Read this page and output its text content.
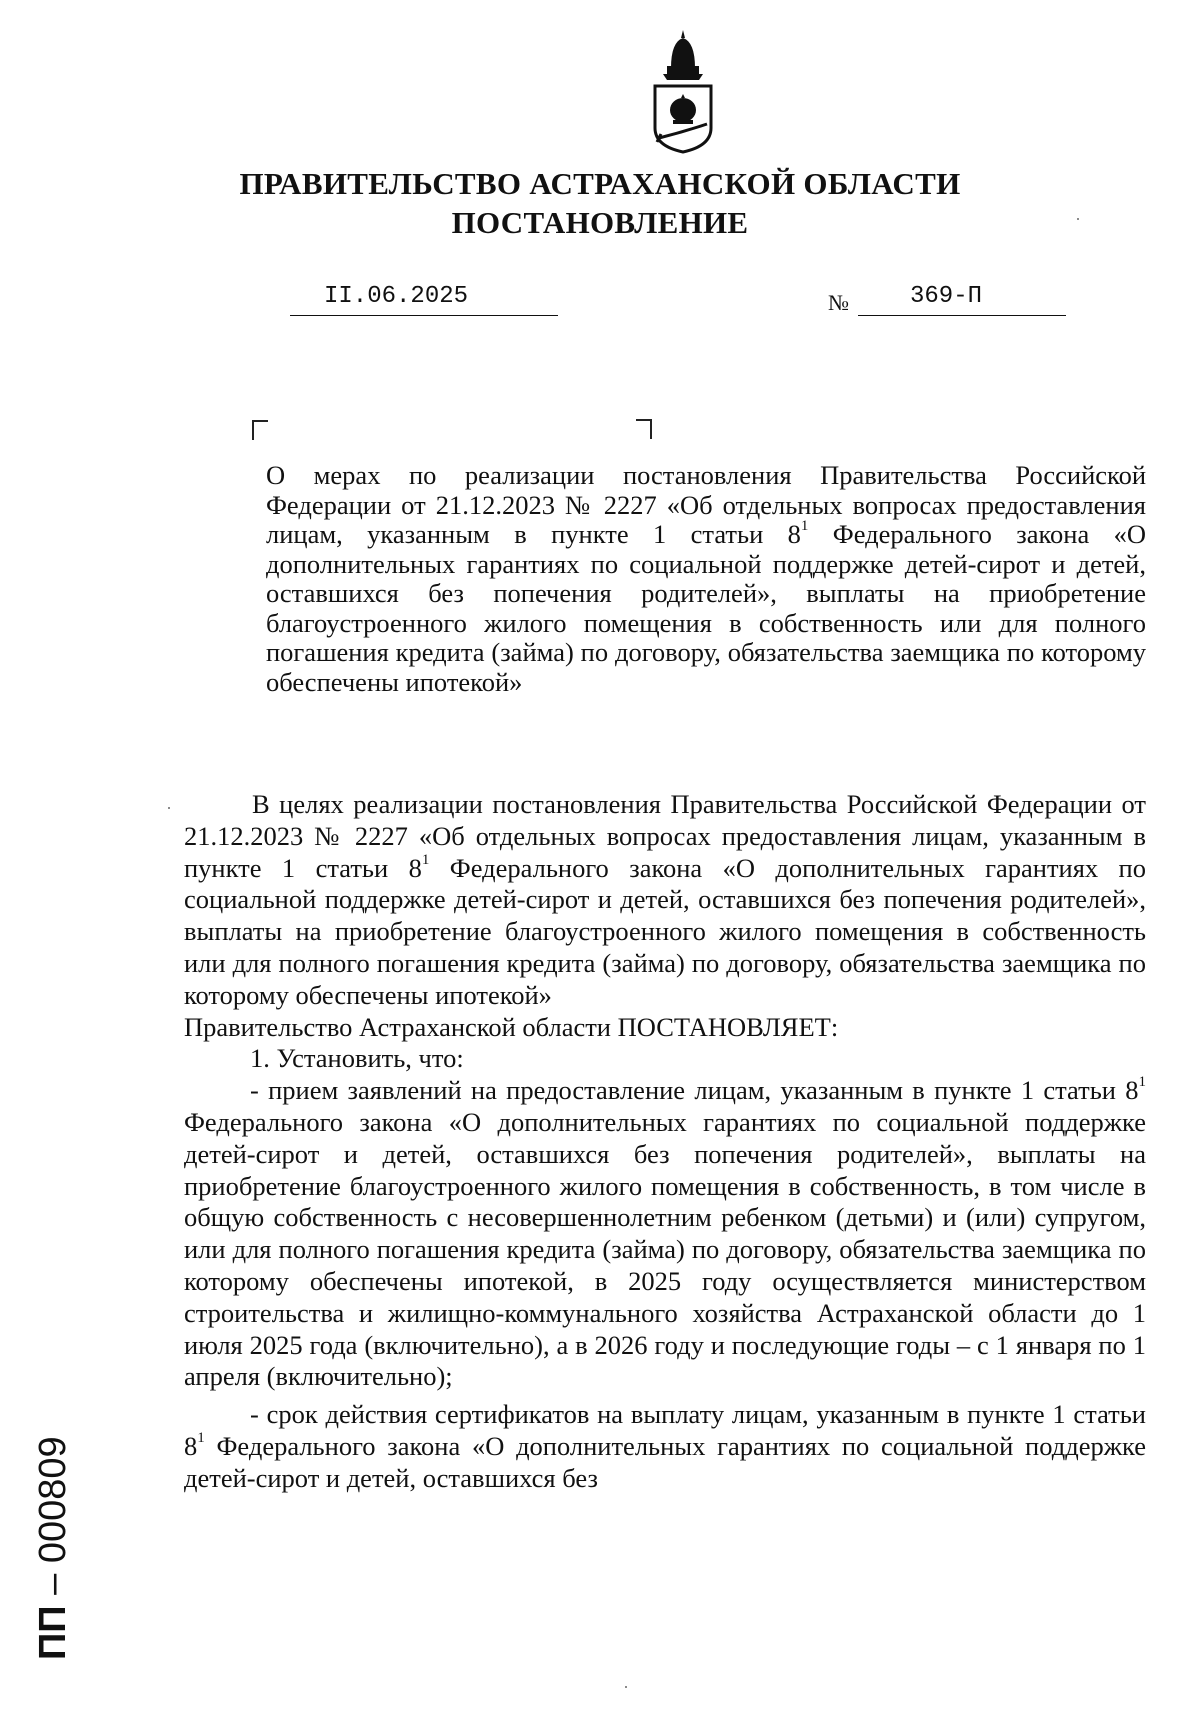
ПРАВИТЕЛЬСТВО АСТРАХАНСКОЙ ОБЛАСТИ
ПОСТАНОВЛЕНИЕ
II.06.2025	№	369-П
О мерах по реализации постановления Правительства Российской Федерации от 21.12.2023 № 2227 «Об отдельных вопросах предоставления лицам, указанным в пункте 1 статьи $8^1$ Федерального закона «О дополнительных гарантиях по социальной поддержке детей-сирот и детей, оставшихся без попечения родителей», выплаты на приобретение благоустроенного жилого помещения в собственность или для полного погашения кредита (займа) по договору, обязательства заемщика по которому обеспечены ипотекой»

В целях реализации постановления Правительства Российской Федерации от 21.12.2023 № 2227 «Об отдельных вопросах предоставления лицам, указанным в пункте 1 статьи $8^1$ Федерального закона «О дополнительных гарантиях по социальной поддержке детей-сирот и детей, оставшихся без попечения родителей», выплаты на приобретение благоустроенного жилого помещения в собственность или для полного погашения кредита (займа) по договору, обязательства заемщика по которому обеспечены ипотекой»

Правительство Астраханской области ПОСТАНОВЛЯЕТ:

1. Установить, что:

- прием заявлений на предоставление лицам, указанным в пункте 1 статьи $8^1$ Федерального закона «О дополнительных гарантиях по социальной поддержке детей-сирот и детей, оставшихся без попечения родителей», выплаты на приобретение благоустроенного жилого помещения в собственность, в том числе в общую собственность с несовершеннолетним ребенком (детьми) и (или) супругом, или для полного погашения кредита (займа) по договору, обязательства заемщика по которому обеспечены ипотекой, в 2025 году осуществляется министерством строительства и жилищно-коммунального хозяйства Астраханской области до 1 июля 2025 года (включительно), а в 2026 году и последующие годы – с 1 января по 1 апреля (включительно);

- срок действия сертификатов на выплату лицам, указанным в пункте 1 статьи $8^1$ Федерального закона «О дополнительных гарантиях по социальной поддержке детей-сирот и детей, оставшихся без

ПП – 000809
